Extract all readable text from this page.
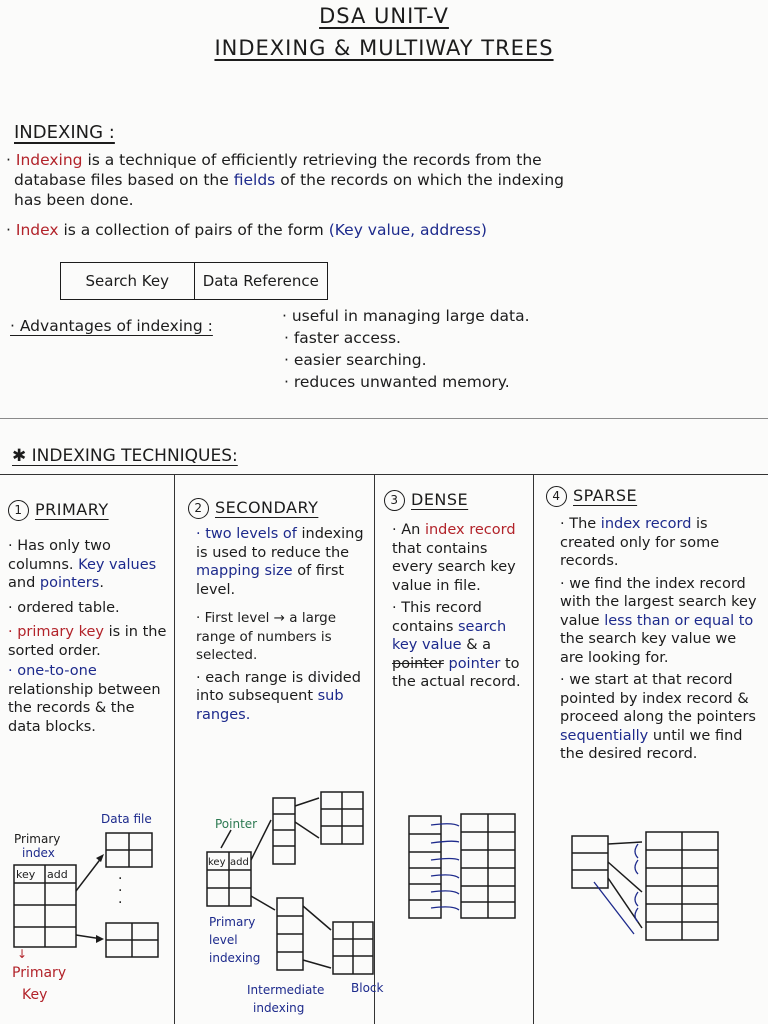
DSA UNIT-V
INDEXING & MULTIWAY TREES
INDEXING :
· Indexing is a technique of efficiently retrieving the records from the
database files based on the fields of the records on which the indexing
has been done.
· Index is a collection of pairs of the form (Key value, address)
Search Key	Data Reference
· Advantages of indexing :
· useful in managing large data.
· faster access.
· easier searching.
· reduces unwanted memory.
✱ INDEXING TECHNIQUES:

1 PRIMARY

· Has only two columns. Key values and pointers.

· ordered table.

· primary key is in the sorted order.

· one-to-one relationship between the records & the data blocks.

Primary
index
key add
Data file
·
·
·
↓
Primary
Key

2 SECONDARY

· two levels of indexing is used to reduce the mapping size of first level.

· First level → a large range of numbers is selected.

· each range is divided into subsequent sub ranges.

Pointer
key add
Primary
level
indexing
Intermediate
indexing
Block

3 DENSE

· An index record that contains every search key value in file.

· This record contains search key value & a pointer pointer to the actual record.

4 SPARSE

· The index record is created only for some records.

· we find the index record with the largest search key value less than or equal to the search key value we are looking for.

· we start at that record pointed by index record & proceed along the pointers sequentially until we find the desired record.
